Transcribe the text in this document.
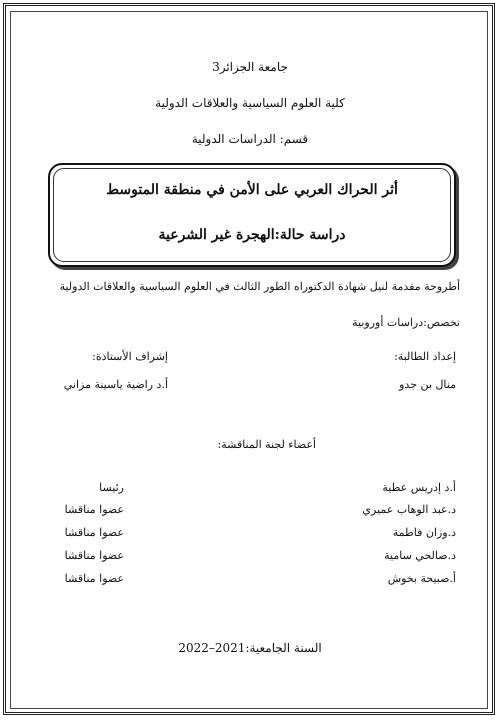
جامعة الجزائر3
كلية العلوم السياسية والعلاقات الدولية
قسم: الدراسات الدولية
أثر الحراك العربي على الأمن في منطقة المتوسط
دراسة حالة:الهجرة غير الشرعية
أطروحة مقدمة لنيل شهادة الدكتوراه الطور الثالث في العلوم السياسية والعلاقات الدولية
تخصص:دراسات أوروبية
إعداد الطالبة:
إشراف الأستاذة:
منال بن جدو
أ.د راضية ياسينة مزاني
أعضاء لجنة المناقشة:
أ.د إدريس عطية
رئيسا
د.عبد الوهاب عميري
عضوا مناقشا
د.وزان فاطمة
عضوا مناقشا
د.صالحي سامية
عضوا مناقشا
أ.صبيحة بخوش
عضوا مناقشا
السنة الجامعية:2021–2022
